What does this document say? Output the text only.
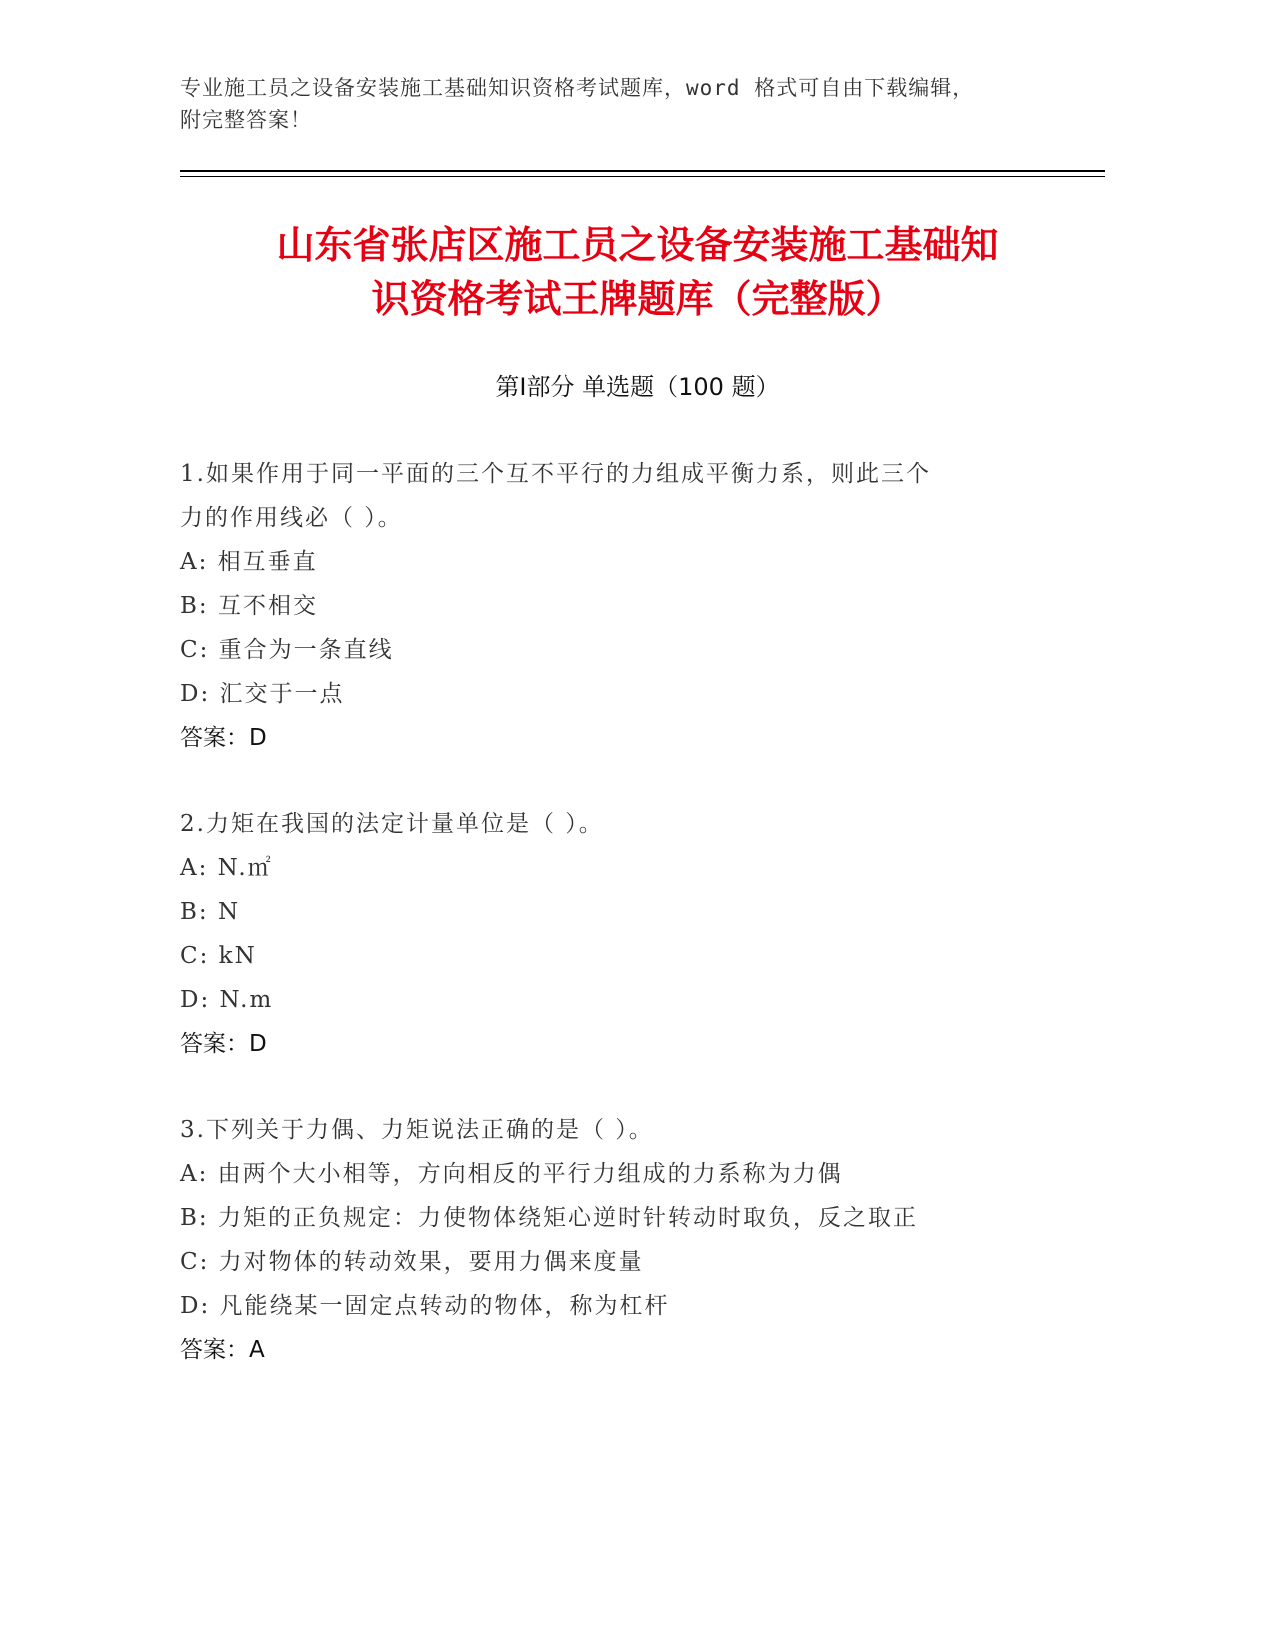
专业施工员之设备安装施工基础知识资格考试题库，word 格式可自由下载编辑，
附完整答案！
山东省张店区施工员之设备安装施工基础知
识资格考试王牌题库（完整版）
第Ⅰ部分 单选题（100 题）
1.如果作用于同一平面的三个互不平行的力组成平衡力系，则此三个
力的作用线必（ ）。
A: 相互垂直
B: 互不相交
C: 重合为一条直线
D: 汇交于一点
答案：D
2.力矩在我国的法定计量单位是（ ）。
A: N.㎡
B: N
C: kN
D: N.m
答案：D
3.下列关于力偶、力矩说法正确的是（ ）。
A: 由两个大小相等，方向相反的平行力组成的力系称为力偶
B: 力矩的正负规定：力使物体绕矩心逆时针转动时取负，反之取正
C: 力对物体的转动效果，要用力偶来度量
D: 凡能绕某一固定点转动的物体，称为杠杆
答案：A
